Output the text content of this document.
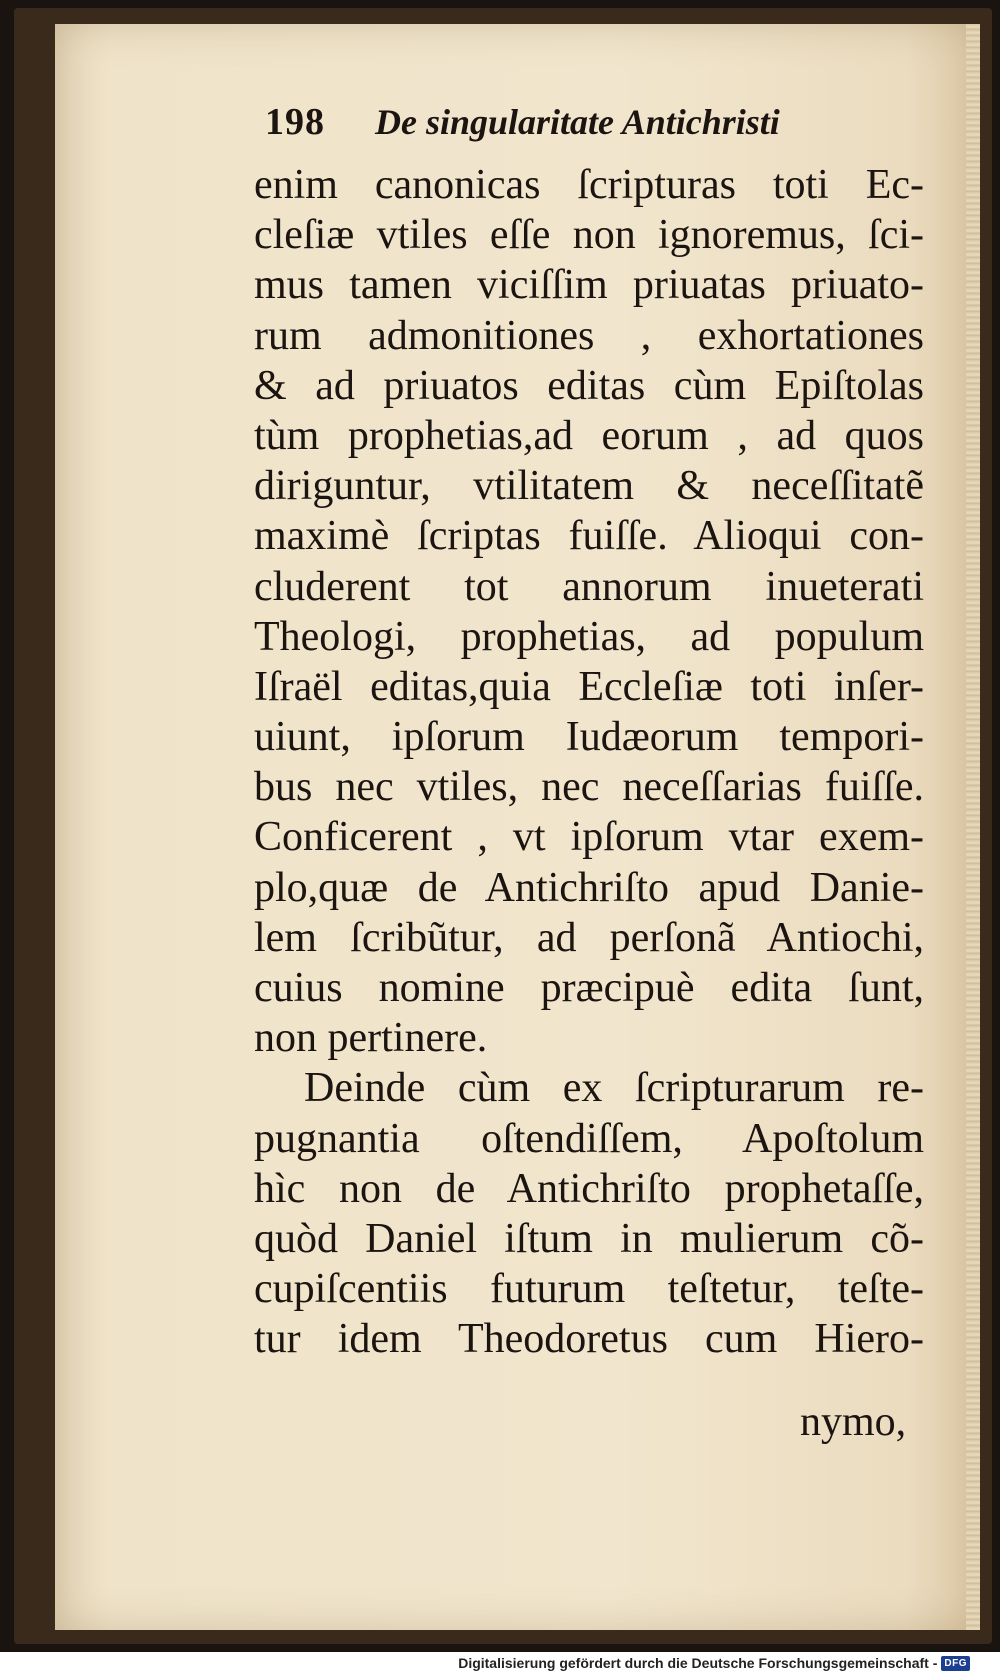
198 De singularitate Antichristi
enim canonicas ſcripturas toti Ec-
cleſiæ vtiles eſſe non ignoremus, ſci-
mus tamen viciſſim priuatas priuato-
rum admonitiones , exhortationes
& ad priuatos editas cùm Epiſtolas
tùm prophetias,ad eorum , ad quos
diriguntur, vtilitatem & neceſſitatẽ
maximè ſcriptas fuiſſe. Alioqui con-
cluderent tot annorum inueterati
Theologi, prophetias, ad populum
Iſraël editas,quia Eccleſiæ toti inſer-
uiunt, ipſorum Iudæorum tempori-
bus nec vtiles, nec neceſſarias fuiſſe.
Conficerent , vt ipſorum vtar exem-
plo,quæ de Antichriſto apud Danie-
lem ſcribũtur, ad perſonã Antiochi,
cuius nomine præcipuè edita ſunt,
non pertinere.
Deinde cùm ex ſcripturarum re-
pugnantia oſtendiſſem, Apoſtolum
hìc non de Antichriſto prophetaſſe,
quòd Daniel iſtum in mulierum cõ-
cupiſcentiis futurum teſtetur, teſte-
tur idem Theodoretus cum Hiero-
nymo,
Digitalisierung gefördert durch die Deutsche Forschungsgemeinschaft - DFG
